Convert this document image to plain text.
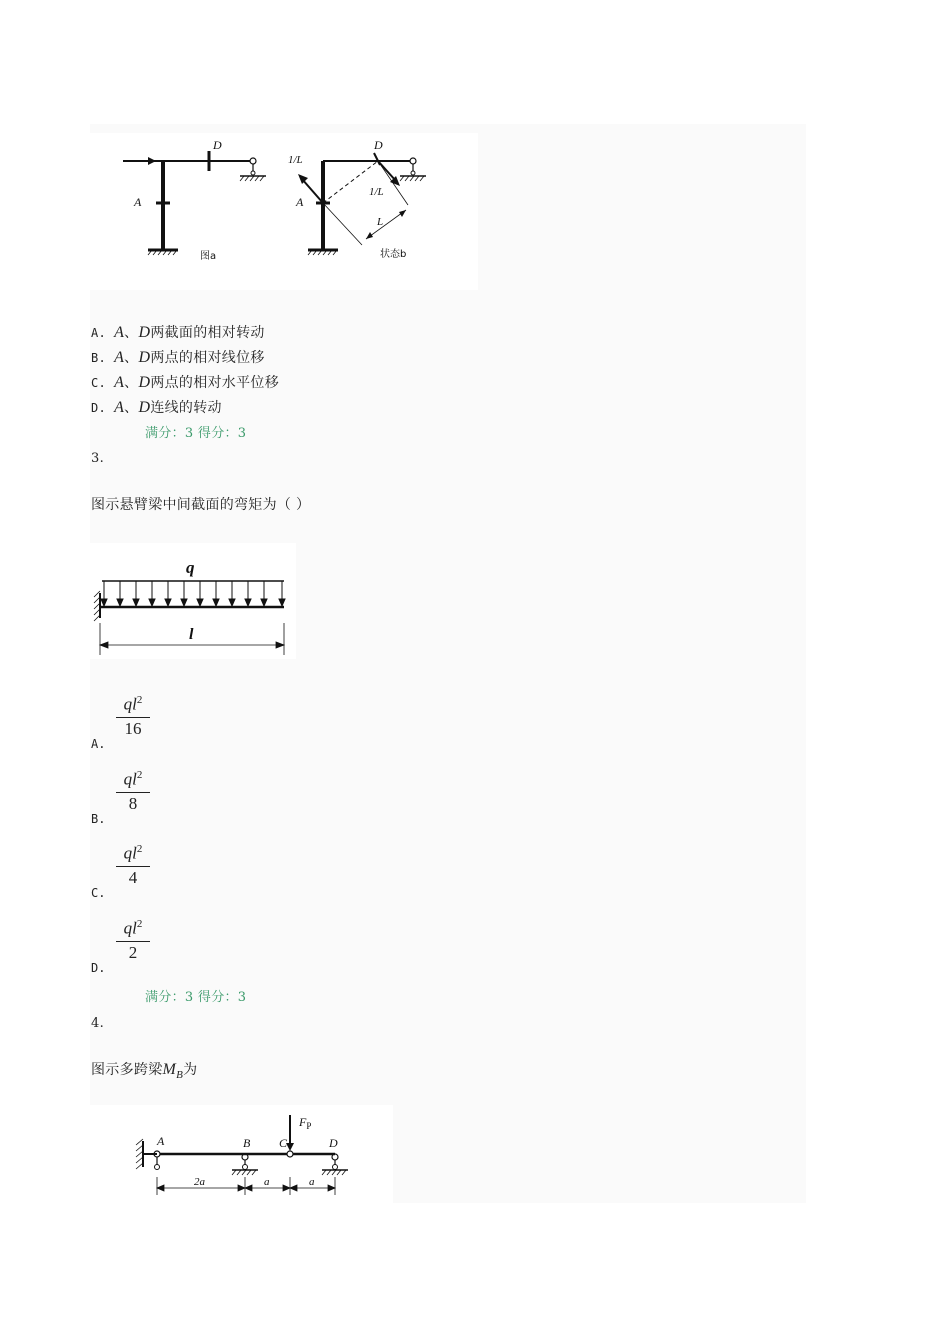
D
A
图a
1/L
D
1/L
A
L
状态b
A. A、D两截面的相对转动
B. A、D两点的相对线位移
C. A、D两点的相对水平位移
D. A、D连线的转动
满分：3 得分：3
3.
图示悬臂梁中间截面的弯矩为（ ）
q
l
$\frac{ql^2}{16}$
A.
$\frac{ql^2}{8}$
B.
$\frac{ql^2}{4}$
C.
$\frac{ql^2}{2}$
D.
满分：3 得分：3
4.
图示多跨梁$M_B$为
A	B C	D
$F_P$
2a	a	a
